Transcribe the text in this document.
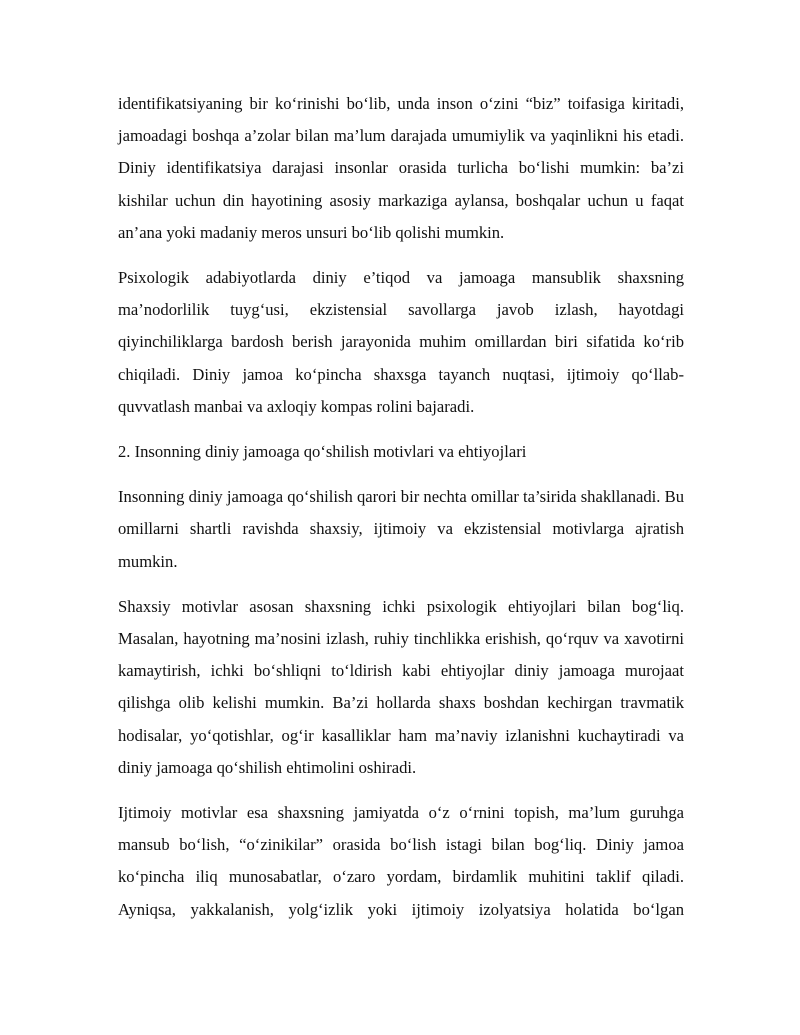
identifikatsiyaning bir ko‘rinishi bo‘lib, unda inson o‘zini “biz” toifasiga kiritadi, jamoadagi boshqa a’zolar bilan ma’lum darajada umumiylik va yaqinlikni his etadi. Diniy identifikatsiya darajasi insonlar orasida turlicha bo‘lishi mumkin: ba’zi kishilar uchun din hayotining asosiy markaziga aylansa, boshqalar uchun u faqat an’ana yoki madaniy meros unsuri bo‘lib qolishi mumkin.

Psixologik adabiyotlarda diniy e’tiqod va jamoaga mansublik shaxsning ma’nodorlilik tuyg‘usi, ekzistensial savollarga javob izlash, hayotdagi qiyinchiliklarga bardosh berish jarayonida muhim omillardan biri sifatida ko‘rib chiqiladi. Diniy jamoa ko‘pincha shaxsga tayanch nuqtasi, ijtimoiy qo‘llab-quvvatlash manbai va axloqiy kompas rolini bajaradi.

2. Insonning diniy jamoaga qo‘shilish motivlari va ehtiyojlari

Insonning diniy jamoaga qo‘shilish qarori bir nechta omillar ta’sirida shakllanadi. Bu omillarni shartli ravishda shaxsiy, ijtimoiy va ekzistensial motivlarga ajratish mumkin.

Shaxsiy motivlar asosan shaxsning ichki psixologik ehtiyojlari bilan bog‘liq. Masalan, hayotning ma’nosini izlash, ruhiy tinchlikka erishish, qo‘rquv va xavotirni kamaytirish, ichki bo‘shliqni to‘ldirish kabi ehtiyojlar diniy jamoaga murojaat qilishga olib kelishi mumkin. Ba’zi hollarda shaxs boshdan kechirgan travmatik hodisalar, yo‘qotishlar, og‘ir kasalliklar ham ma’naviy izlanishni kuchaytiradi va diniy jamoaga qo‘shilish ehtimolini oshiradi.

Ijtimoiy motivlar esa shaxsning jamiyatda o‘z o‘rnini topish, ma’lum guruhga mansub bo‘lish, “o‘zinikilar” orasida bo‘lish istagi bilan bog‘liq. Diniy jamoa ko‘pincha iliq munosabatlar, o‘zaro yordam, birdamlik muhitini taklif qiladi. Ayniqsa, yakkalanish, yolg‘izlik yoki ijtimoiy izolyatsiya holatida bo‘lgan
